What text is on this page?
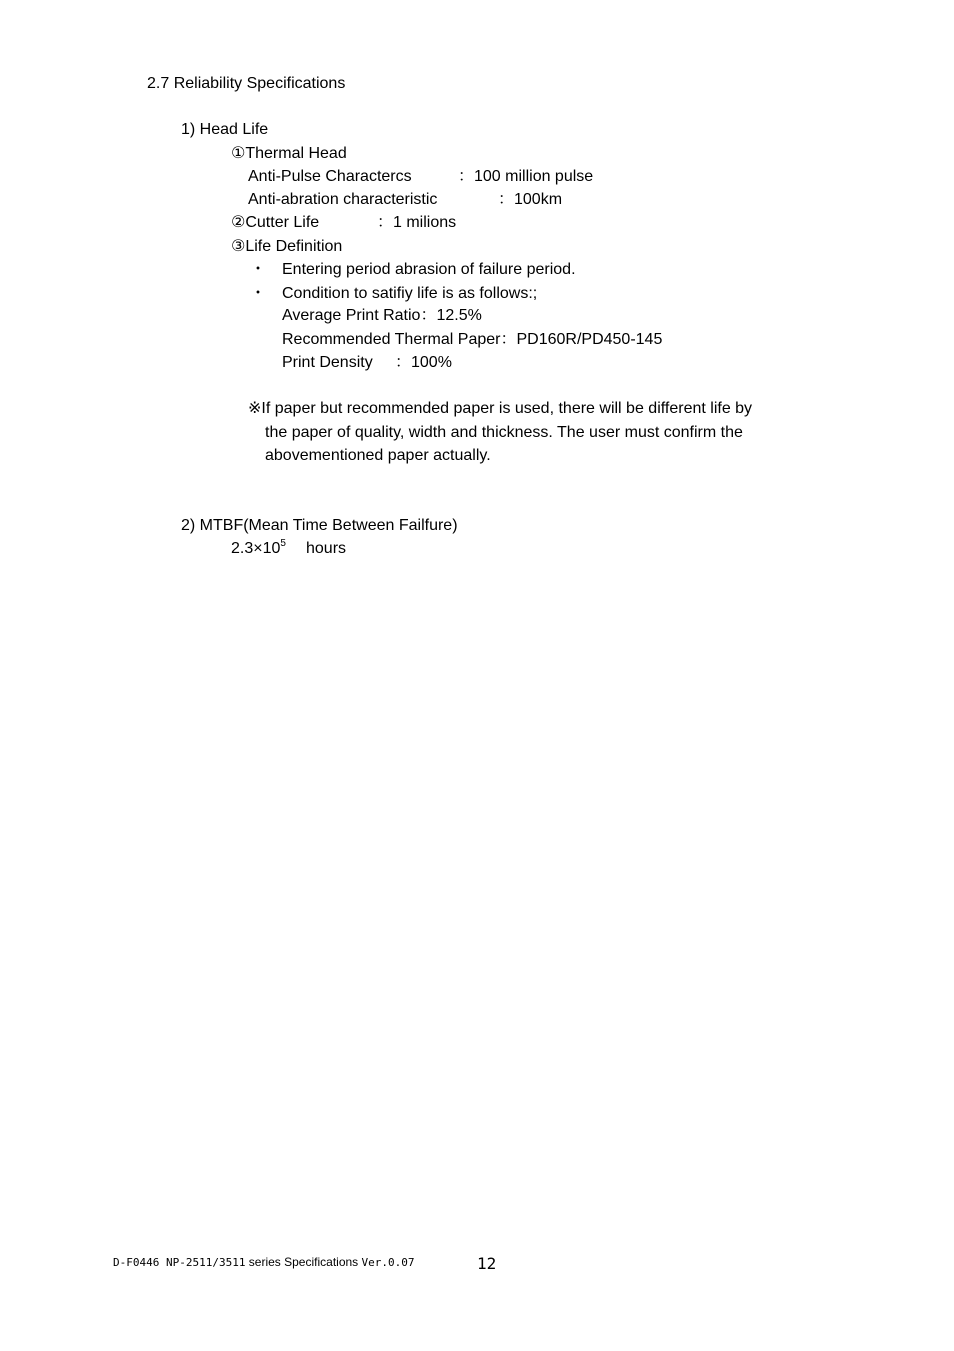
2.7 Reliability Specifications

1) Head Life

①Thermal Head

Anti-Pulse Charactercs	：100 million pulse

Anti-abration characteristic	：100km

②Cutter Life	：1 milions

③Life Definition

・　Entering period abrasion of failure period.

・　Condition to satifiy life is as follows:;

Average Print Ratio：12.5%

Recommended Thermal Paper：PD160R/PD450-145

Print Density ：100%

※If paper but recommended paper is used, there will be different life by

the paper of quality, width and thickness. The user must confirm the

abovementioned paper actually.

2) MTBF(Mean Time Between Failfure)

$2.3\times 10^5$ hours

D-F0446 NP-2511/3511 series Specifications Ver.0.07	12
